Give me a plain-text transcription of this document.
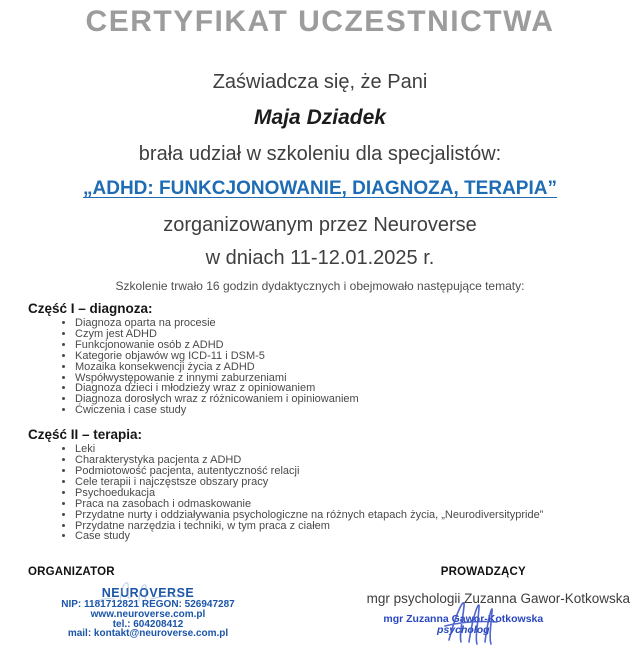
CERTYFIKAT UCZESTNICTWA

Zaświadcza się, że Pani

Maja Dziadek

brała udział w szkoleniu dla specjalistów:

„ADHD: FUNKCJONOWANIE, DIAGNOZA, TERAPIA”

zorganizowanym przez Neuroverse

w dniach 11-12.01.2025 r.

Szkolenie trwało 16 godzin dydaktycznych i obejmowało następujące tematy:

Część I – diagnoza:
• Diagnoza oparta na procesie
• Czym jest ADHD
• Funkcjonowanie osób z ADHD
• Kategorie objawów wg ICD-11 i DSM-5
• Mozaika konsekwencji życia z ADHD
• Współwystępowanie z innymi zaburzeniami
• Diagnoza dzieci i młodzieży wraz z opiniowaniem
• Diagnoza dorosłych wraz z różnicowaniem i opiniowaniem
• Ćwiczenia i case study
Część II – terapia:
• Leki
• Charakterystyka pacjenta z ADHD
• Podmiotowość pacjenta, autentyczność relacji
• Cele terapii i najczęstsze obszary pracy
• Psychoedukacja
• Praca na zasobach i odmaskowanie
• Przydatne nurty i oddziaływania psychologiczne na różnych etapach życia, „Neurodiversitypride”
• Przydatne narzędzia i techniki, w tym praca z ciałem
• Case study
ORGANIZATOR
NEUROVERSE
NIP: 1181712821 REGON: 526947287
www.neuroverse.com.pl
tel.: 604208412
mail: kontakt@neuroverse.com.pl
PROWADZĄCY
mgr psychologii Zuzanna Gawor-Kotkowska
mgr Zuzanna Gawor-Kotkowska
psycholog
